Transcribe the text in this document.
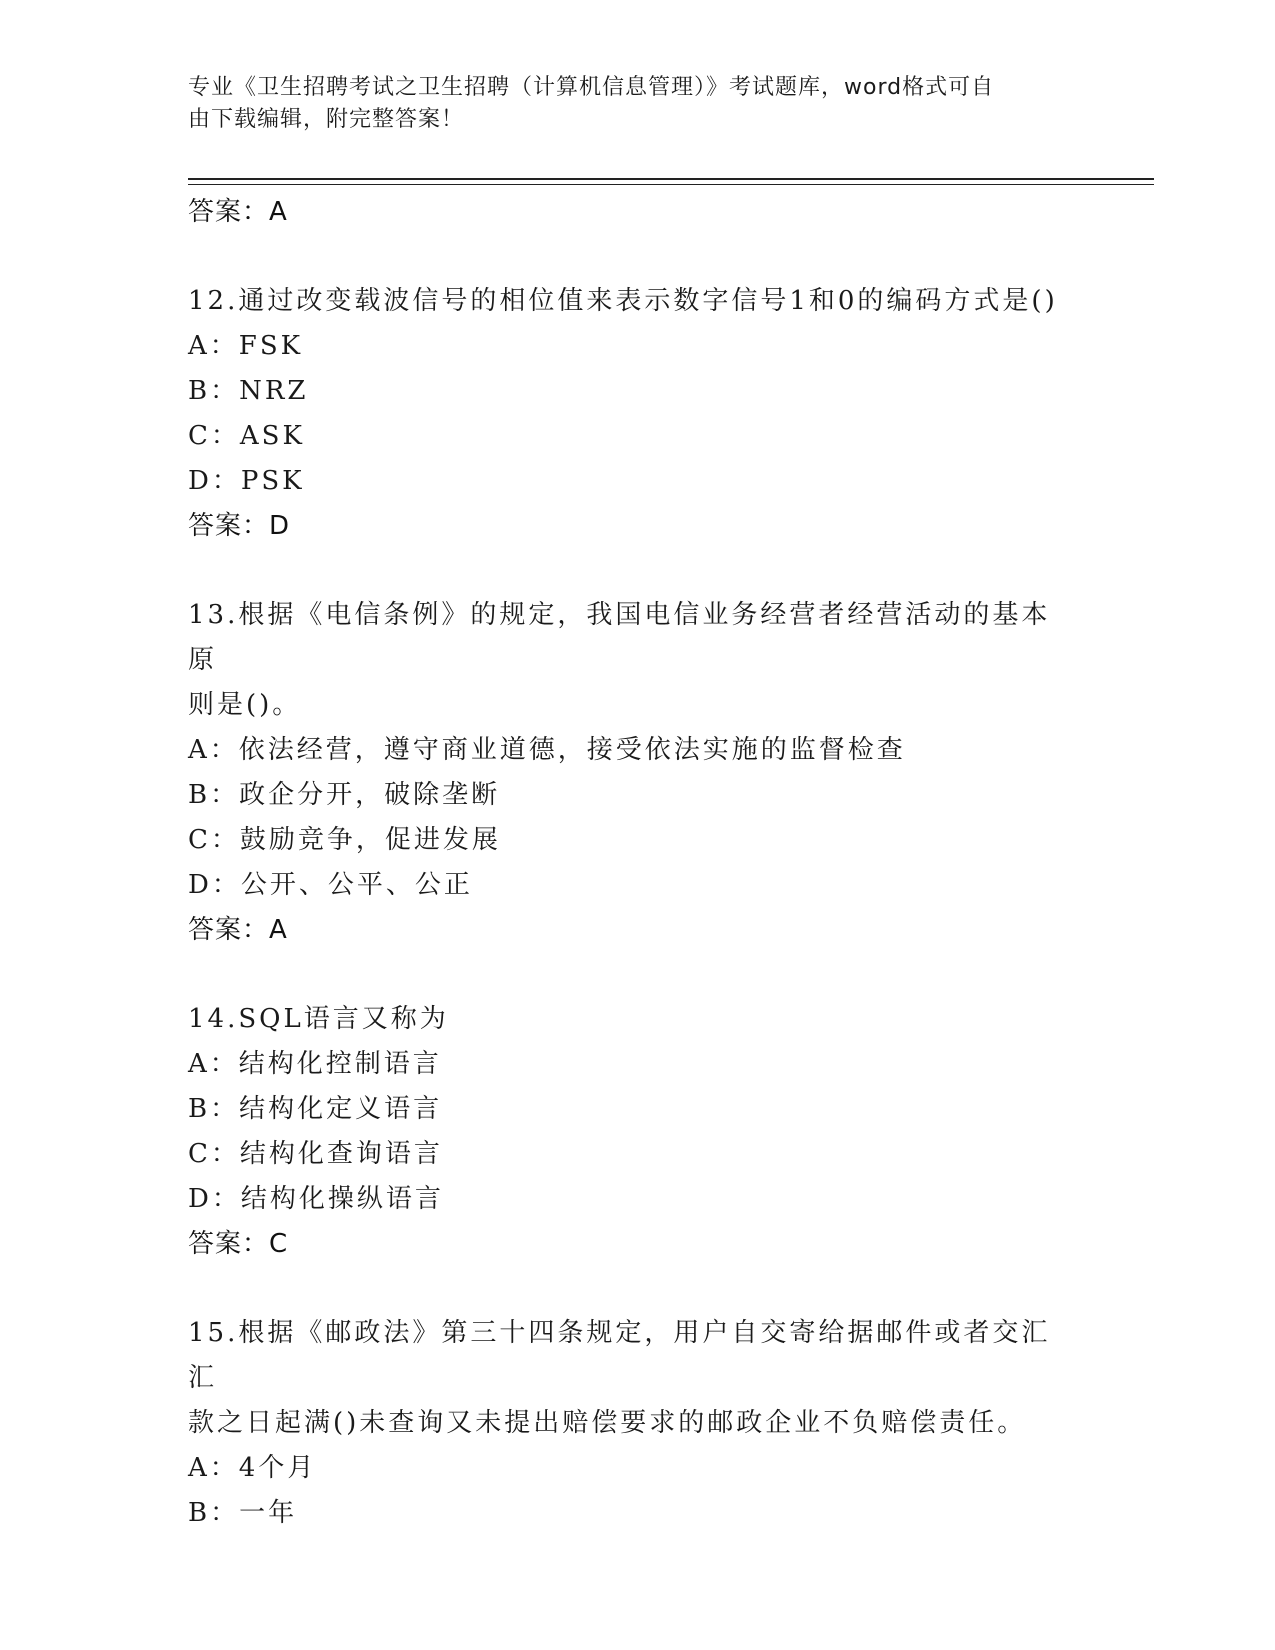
专业《卫生招聘考试之卫生招聘（计算机信息管理）》考试题库，word格式可自
由下载编辑，附完整答案！
答案：A
12.通过改变载波信号的相位值来表示数字信号1和0的编码方式是()
A：FSK
B：NRZ
C：ASK
D：PSK
答案：D
13.根据《电信条例》的规定，我国电信业务经营者经营活动的基本原
则是()。
A：依法经营，遵守商业道德，接受依法实施的监督检查
B：政企分开，破除垄断
C：鼓励竞争，促进发展
D：公开、公平、公正
答案：A
14.SQL语言又称为
A：结构化控制语言
B：结构化定义语言
C：结构化查询语言
D：结构化操纵语言
答案：C
15.根据《邮政法》第三十四条规定，用户自交寄给据邮件或者交汇汇
款之日起满()未查询又未提出赔偿要求的邮政企业不负赔偿责任。
A：4个月
B：一年
